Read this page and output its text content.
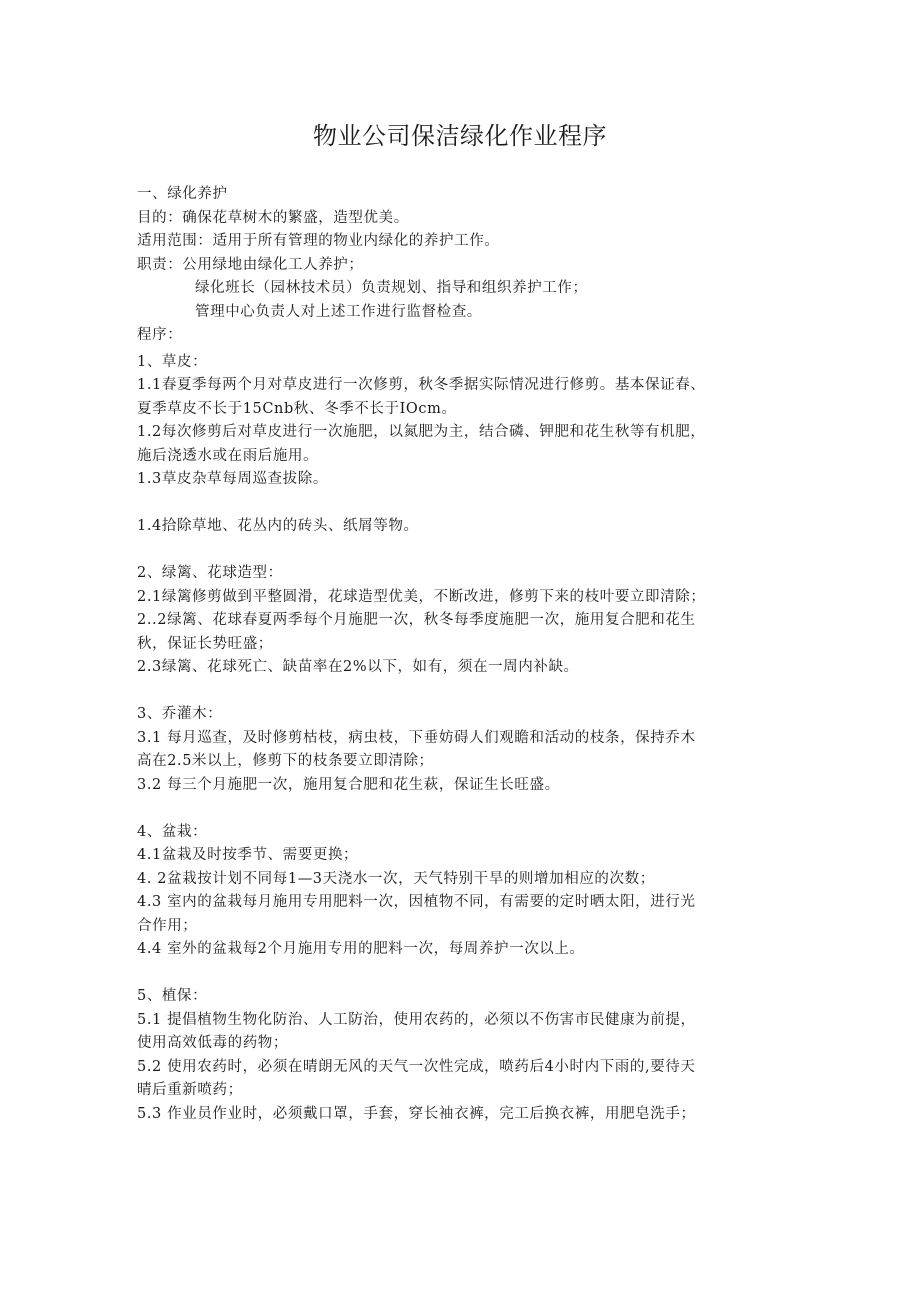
物业公司保洁绿化作业程序
一、绿化养护
目的：确保花草树木的繁盛，造型优美。
适用范围：适用于所有管理的物业内绿化的养护工作。
职责：公用绿地由绿化工人养护；
绿化班长（园林技术员）负责规划、指导和组织养护工作；
管理中心负责人对上述工作进行监督检查。
程序：
1、草皮：
1.1春夏季每两个月对草皮进行一次修剪，秋冬季据实际情况进行修剪。基本保证春、
夏季草皮不长于15Cnb秋、冬季不长于IOcm。
1.2每次修剪后对草皮进行一次施肥，以氮肥为主，结合磷、钾肥和花生秋等有机肥，
施后浇透水或在雨后施用。
1.3草皮杂草每周巡查拔除。
1.4拾除草地、花丛内的砖头、纸屑等物。
2、绿篱、花球造型：
2.1绿篱修剪做到平整圆滑，花球造型优美，不断改进，修剪下来的枝叶要立即清除；
2..2绿篱、花球春夏两季每个月施肥一次，秋冬每季度施肥一次，施用复合肥和花生
秋，保证长势旺盛；
2.3绿篱、花球死亡、缺苗率在2%以下，如有，须在一周内补缺。
3、乔灌木：
3.1 每月巡查，及时修剪枯枝，病虫枝，下垂妨碍人们观瞻和活动的枝条，保持乔木
高在2.5米以上，修剪下的枝条要立即清除；
3.2 每三个月施肥一次，施用复合肥和花生萩，保证生长旺盛。
4、盆栽：
4.1盆栽及时按季节、需要更换；
4. 2盆栽按计划不同每1—3天浇水一次，天气特别干旱的则增加相应的次数；
4.3 室内的盆栽每月施用专用肥料一次，因植物不同，有需要的定时晒太阳，进行光
合作用；
4.4 室外的盆栽每2个月施用专用的肥料一次，每周养护一次以上。
5、植保：
5.1 提倡植物生物化防治、人工防治，使用农药的，必须以不伤害市民健康为前提，
使用高效低毒的药物；
5.2 使用农药时，必须在晴朗无风的天气一次性完成，喷药后4小时内下雨的,要待天
晴后重新喷药；
5.3 作业员作业时，必须戴口罩，手套，穿长袖衣裤，完工后换衣裤，用肥皂洗手；
